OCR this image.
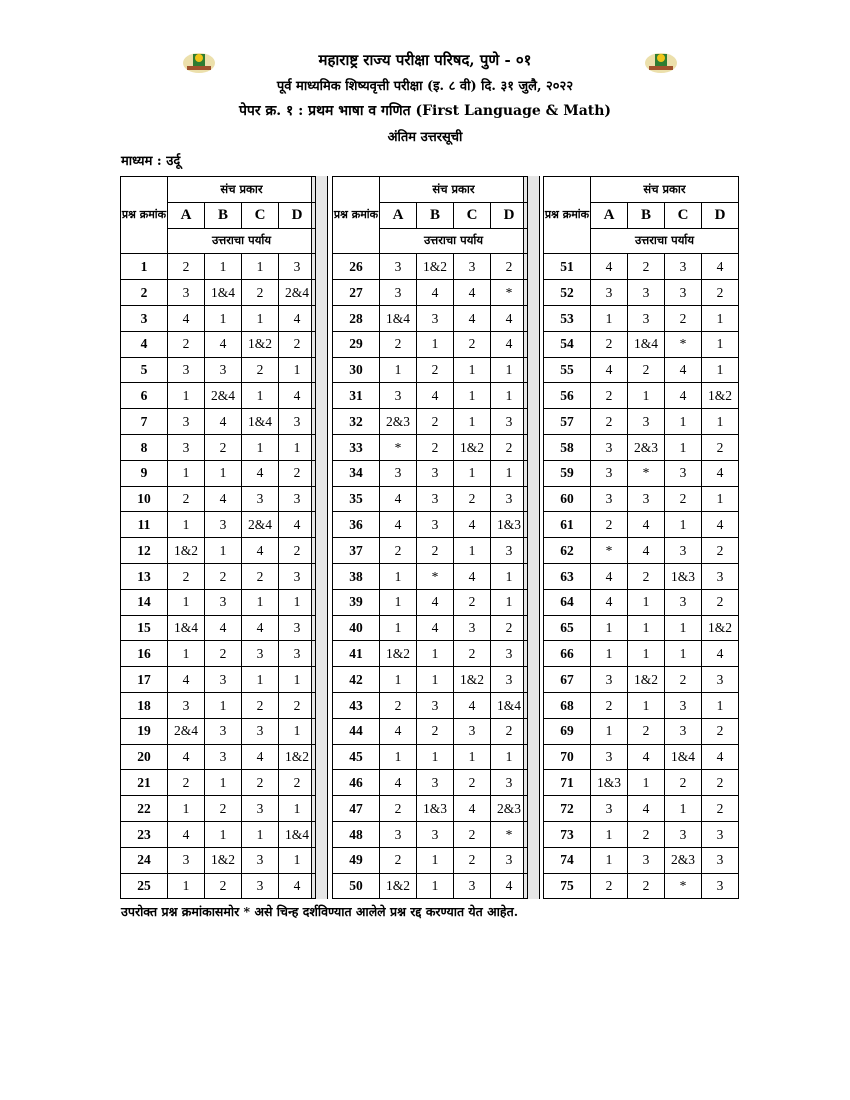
महाराष्ट्र राज्य परीक्षा परिषद, पुणे - ०१
पूर्व माध्यमिक शिष्यवृत्ती परीक्षा (इ. ८ वी) दि. ३१ जुलै, २०२२
पेपर क्र. १ : प्रथम भाषा व गणित (First Language & Math)
अंतिम उत्तरसूची
माध्यम : उर्दू
प्रश्न क्रमांक	संच प्रकार			
	A	B	C	D
	उत्तराचा पर्याय			
1	2	1	1	3
2	3	1&4	2	2&4
3	4	1	1	4
4	2	4	1&2	2
5	3	3	2	1
6	1	2&4	1	4
7	3	4	1&4	3
8	3	2	1	1
9	1	1	4	2
10	2	4	3	3
11	1	3	2&4	4
12	1&2	1	4	2
13	2	2	2	3
14	1	3	1	1
15	1&4	4	4	3
16	1	2	3	3
17	4	3	1	1
18	3	1	2	2
19	2&4	3	3	1
20	4	3	4	1&2
21	2	1	2	2
22	1	2	3	1
23	4	1	1	1&4
24	3	1&2	3	1
25	1	2	3	4
प्रश्न क्रमांक	संच प्रकार			
	A	B	C	D
	उत्तराचा पर्याय			
26	3	1&2	3	2
27	3	4	4	*
28	1&4	3	4	4
29	2	1	2	4
30	1	2	1	1
31	3	4	1	1
32	2&3	2	1	3
33	*	2	1&2	2
34	3	3	1	1
35	4	3	2	3
36	4	3	4	1&3
37	2	2	1	3
38	1	*	4	1
39	1	4	2	1
40	1	4	3	2
41	1&2	1	2	3
42	1	1	1&2	3
43	2	3	4	1&4
44	4	2	3	2
45	1	1	1	1
46	4	3	2	3
47	2	1&3	4	2&3
48	3	3	2	*
49	2	1	2	3
50	1&2	1	3	4
प्रश्न क्रमांक	संच प्रकार			
	A	B	C	D
	उत्तराचा पर्याय			
51	4	2	3	4
52	3	3	3	2
53	1	3	2	1
54	2	1&4	*	1
55	4	2	4	1
56	2	1	4	1&2
57	2	3	1	1
58	3	2&3	1	2
59	3	*	3	4
60	3	3	2	1
61	2	4	1	4
62	*	4	3	2
63	4	2	1&3	3
64	4	1	3	2
65	1	1	1	1&2
66	1	1	1	4
67	3	1&2	2	3
68	2	1	3	1
69	1	2	3	2
70	3	4	1&4	4
71	1&3	1	2	2
72	3	4	1	2
73	1	2	3	3
74	1	3	2&3	3
75	2	2	*	3
उपरोक्त प्रश्न क्रमांकासमोर * असे चिन्ह दर्शविण्यात आलेले प्रश्न रद्द करण्यात येत आहेत.
